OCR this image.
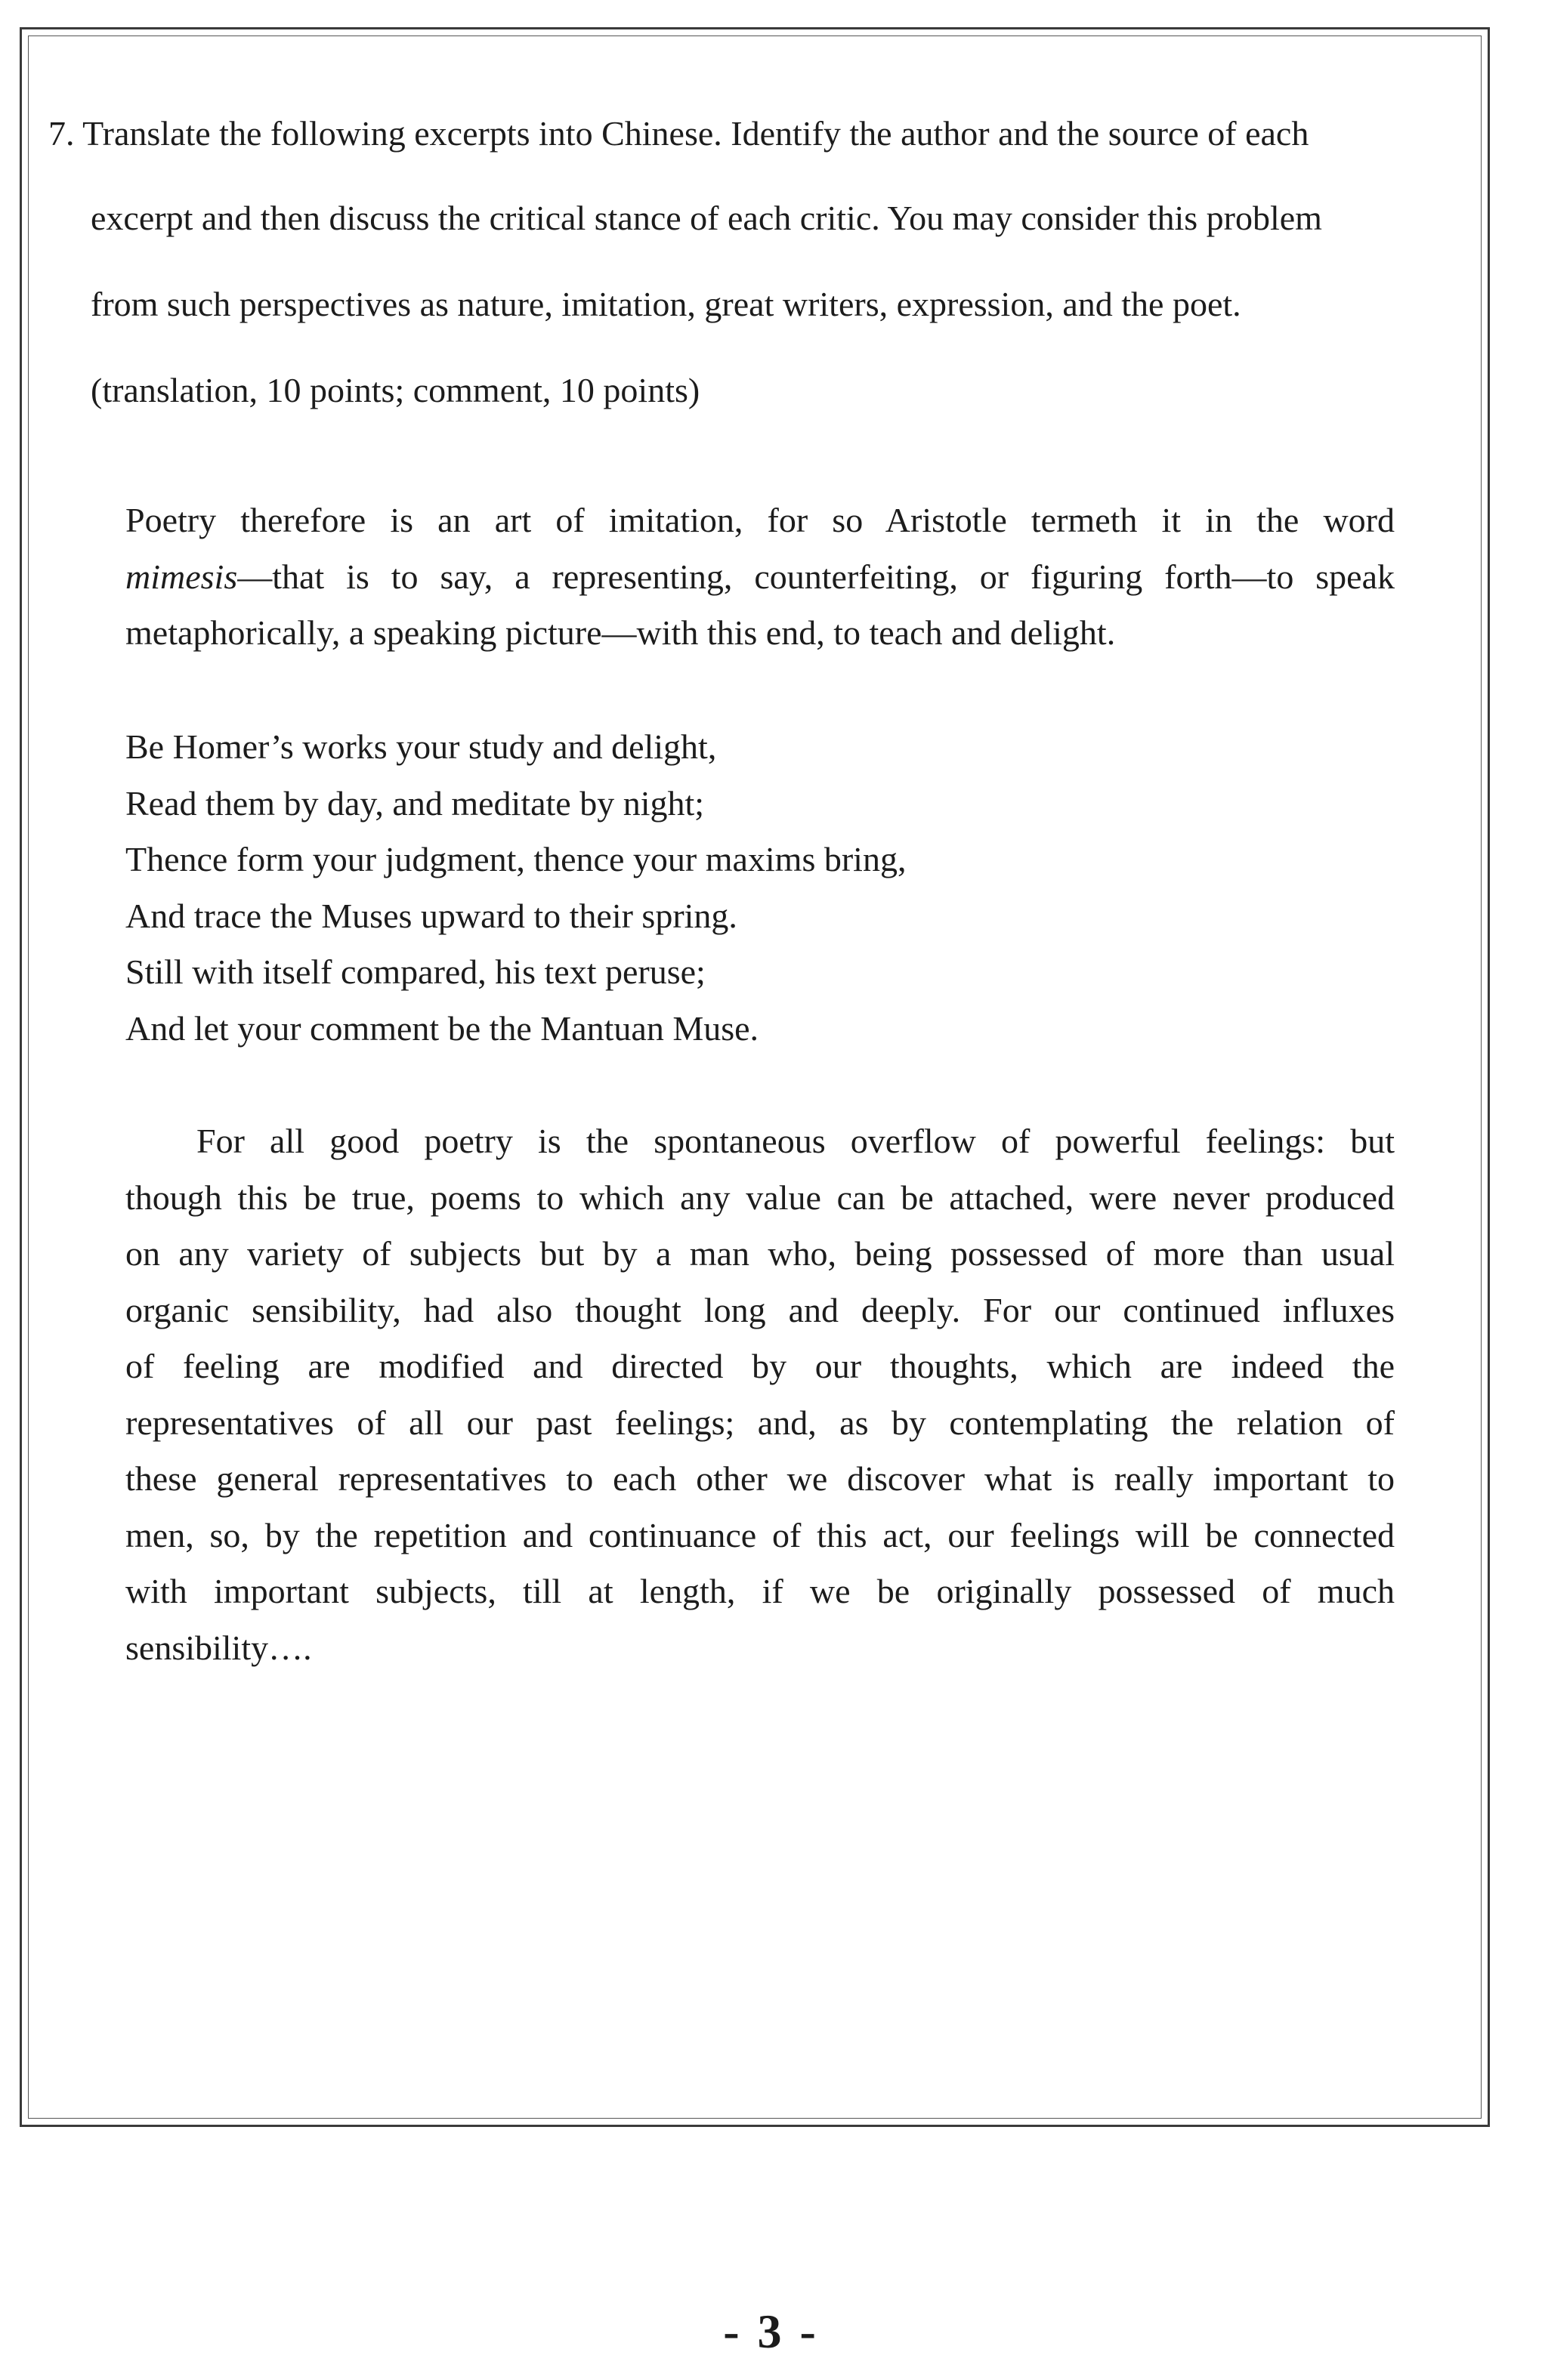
7. Translate the following excerpts into Chinese. Identify the author and the source of each
excerpt and then discuss the critical stance of each critic. You may consider this problem
from such perspectives as nature, imitation, great writers, expression, and the poet.
(translation, 10 points; comment, 10 points)
Poetry therefore is an art of imitation, for so Aristotle termeth it in the word
mimesis—that is to say, a representing, counterfeiting, or figuring forth—to speak
metaphorically, a speaking picture—with this end, to teach and delight.
Be Homer’s works your study and delight,
Read them by day, and meditate by night;
Thence form your judgment, thence your maxims bring,
And trace the Muses upward to their spring.
Still with itself compared, his text peruse;
And let your comment be the Mantuan Muse.
For all good poetry is the spontaneous overflow of powerful feelings: but
though this be true, poems to which any value can be attached, were never produced
on any variety of subjects but by a man who, being possessed of more than usual
organic sensibility, had also thought long and deeply. For our continued influxes
of feeling are modified and directed by our thoughts, which are indeed the
representatives of all our past feelings; and, as by contemplating the relation of
these general representatives to each other we discover what is really important to
men, so, by the repetition and continuance of this act, our feelings will be connected
with important subjects, till at length, if we be originally possessed of much
sensibility….
- 3 -
